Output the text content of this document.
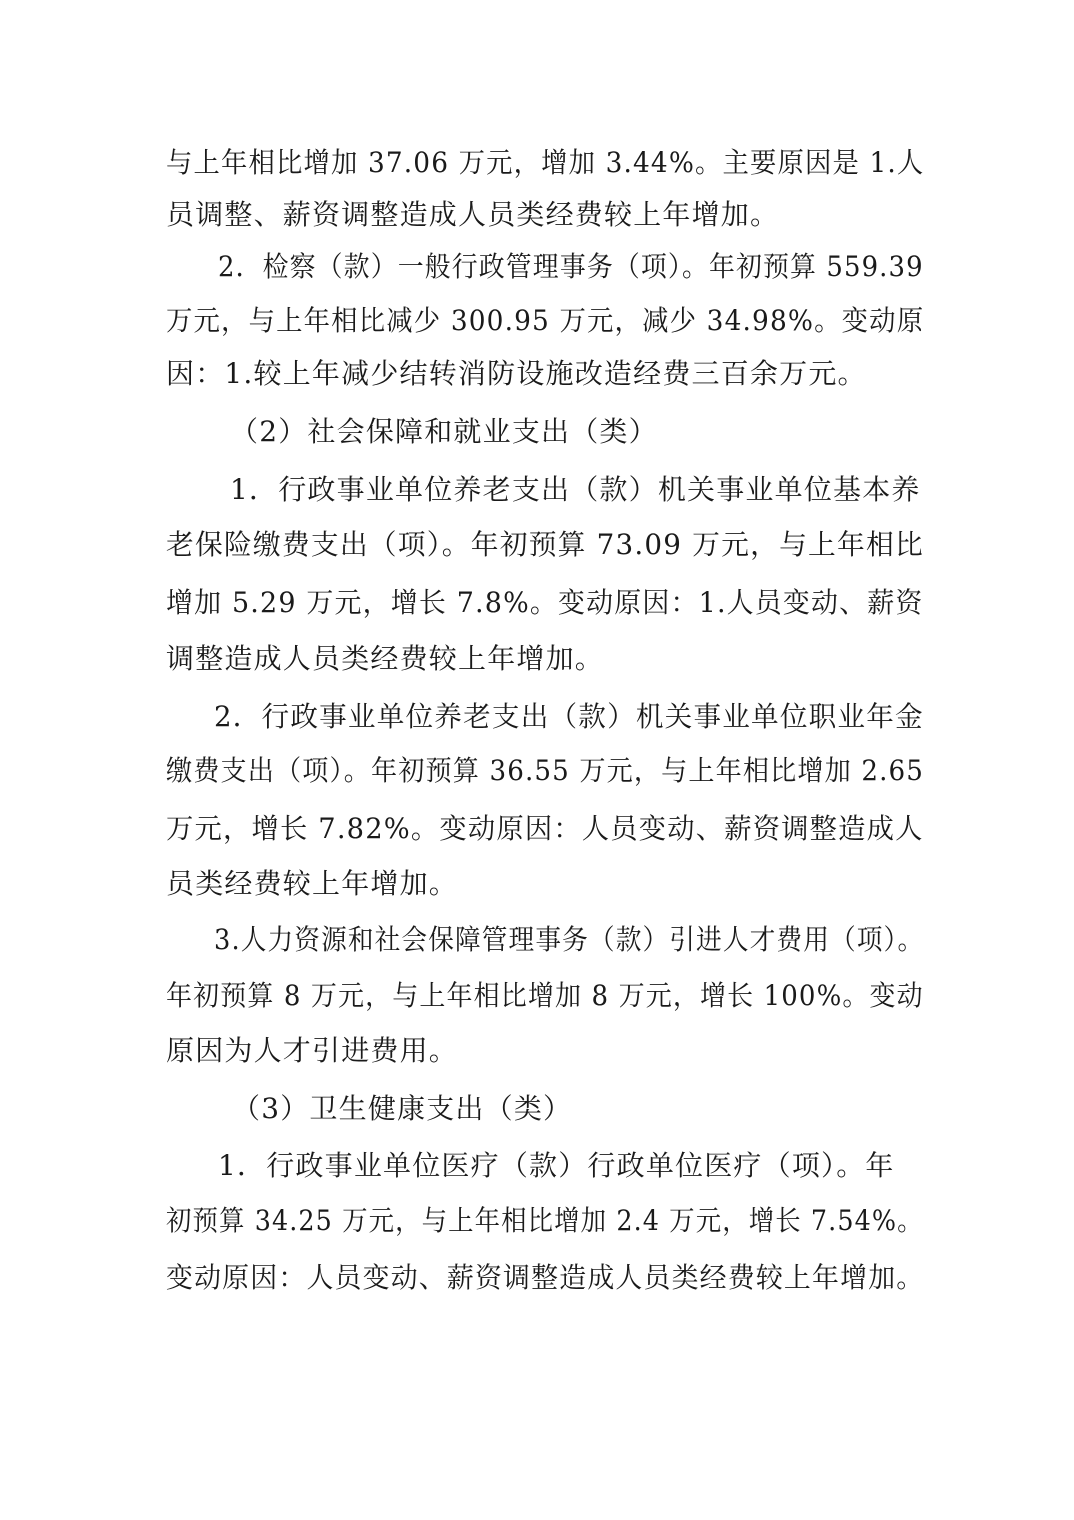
与上年相比增加 37.06 万元，增加 3.44%。主要原因是 1.人
员调整、薪资调整造成人员类经费较上年增加。
2．检察（款）一般行政管理事务（项）。年初预算 559.39
万元，与上年相比减少 300.95 万元，减少 34.98%。变动原
因：1.较上年减少结转消防设施改造经费三百余万元。
（2）社会保障和就业支出（类）
1．行政事业单位养老支出（款）机关事业单位基本养
老保险缴费支出（项）。年初预算 73.09 万元，与上年相比
增加 5.29 万元，增长 7.8%。变动原因：1.人员变动、薪资
调整造成人员类经费较上年增加。
2．行政事业单位养老支出（款）机关事业单位职业年金
缴费支出（项）。年初预算 36.55 万元，与上年相比增加 2.65
万元，增长 7.82%。变动原因：人员变动、薪资调整造成人
员类经费较上年增加。
3.人力资源和社会保障管理事务（款）引进人才费用（项）。
年初预算 8 万元，与上年相比增加 8 万元，增长 100%。变动
原因为人才引进费用。
（3）卫生健康支出（类）
1．行政事业单位医疗（款）行政单位医疗（项）。年
初预算 34.25 万元，与上年相比增加 2.4 万元，增长 7.54%。
变动原因：人员变动、薪资调整造成人员类经费较上年增加。
